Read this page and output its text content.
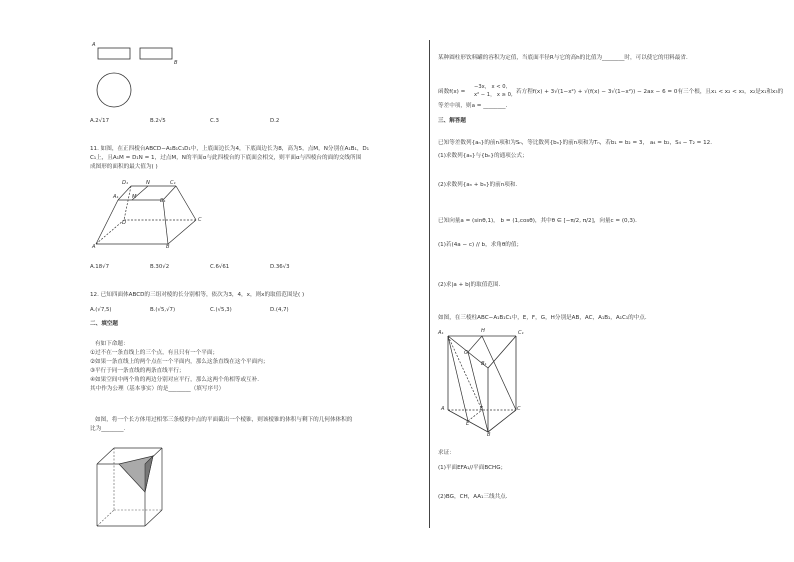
A
B
A.2√17	B.2√5	C.3	D.2
11. 如图，在正四棱台ABCD−A₁B₁C₁D₁中，上底面边长为4，下底面边长为8，高为5，点M，N分别在A₁B₁，D₁
C₁上，且A₁M = D₁N = 1，过点M，N的平面α与此四棱台的下底面会相交，则平面α与四棱台的面的交线所围
成图形的面积的最大值为( )
D₁	N	C₁
A₁	M
B₁
D	C
A	B
A.18√7	B.30√2	C.6√61	D.36√3
12. 已知四面体ABCD的三组对棱的长分别相等，依次为3，4，x，则x的取值范围是( )
A.(√7,5)	B.(√5,√7)	C.(√5,3)	D.(4,7)
二、填空题
有如下命题：
①过不在一条直线上的三个点，有且只有一个平面；
②如果一条直线上的两个点在一个平面内，那么这条直线在这个平面内；
③平行于同一条直线的两条直线平行；
④如果空间中两个角的两边分别对应平行，那么这两个角相等或互补．
其中作为公理（基本事实）的是________（填写序号）
如图，将一个长方体用过相邻三条棱的中点的平面截出一个棱锥，则该棱锥的体积与剩下的几何体体积的
比为________.
某种圆柱形饮料罐的容积为定值，当底面半径R与它的高h的比值为________时，可以使它的用料最省．
函数f(x) =
−3x， x < 0,
x² − 1， x ≥ 0, 若方程f(x) + 3√(1−x²) + √(f(x) − 3√(1−x²)) − 2ax − 6 = 0有三个根，且x₁ < x₂ < x₃，x₂是x₁和x₃的
等差中项，则a = ________．
三、解答题
已知等差数列{aₙ}的前n项和为Sₙ，等比数列{bₙ}的前n项和为Tₙ，若b₁ = b₂ = 3， a₄ = b₂，S₄ − T₂ = 12．
(1)求数列{aₙ}与{bₙ}的通项公式；
(2)求数列{aₙ + bₙ}的前n项和．
已知向量a = (sinθ,1)， b = (1,cosθ)，其中θ ∈ [−π/2, π/2]，向量c = (0,3)．
(1)若(4a − c) // b，求角θ的值；
(2)求|a + b|的取值范围．
如图，在三棱柱ABC−A₁B₁C₁中，E，F，G，H分别是AB，AC，A₁B₁，A₁C₁的中点．
A₁	H	C₁
G
B₁
A	F	C
E
B
求证：
(1)平面EFA₁//平面BCHG；
(2)BG，CH，AA₁三线共点．
